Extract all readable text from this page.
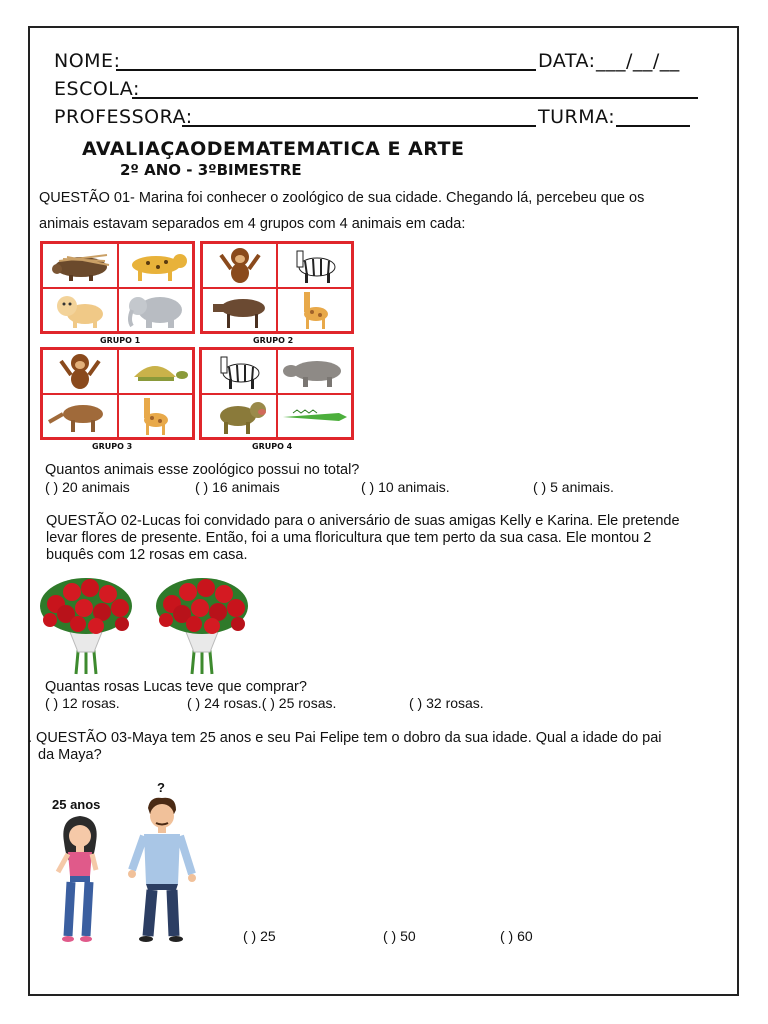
NOME:	DATA: ___/__/__
ESCOLA:
PROFESSORA:	TURMA:
AVALIAÇAODEMATEMATICA E ARTE
2º ANO - 3ºBIMESTRE
QUESTÃO 01- Marina foi conhecer o zoológico de sua cidade. Chegando lá, percebeu que os
animais estavam separados em 4 grupos com 4 animais em cada:
GRUPO 1	GRUPO 2
GRUPO 3	GRUPO 4
Quantos animais esse zoológico possui no total?
( ) 20 animais	( ) 16 animais	( ) 10 animais.	( ) 5 animais.
QUESTÃO 02-Lucas foi convidado para o aniversário de suas amigas Kelly e Karina. Ele pretende
levar flores de presente. Então, foi a uma floricultura que tem perto da sua casa. Ele montou 2
buquês com 12 rosas em casa.
Quantas rosas Lucas teve que comprar?
( ) 12 rosas.	( ) 24 rosas.( ) 25 rosas.	( ) 32 rosas.
. QUESTÃO 03-Maya tem 25 anos e seu Pai Felipe tem o dobro da sua idade. Qual a idade do pai
da Maya?
25 anos
?
( ) 25	( ) 50	( ) 60
